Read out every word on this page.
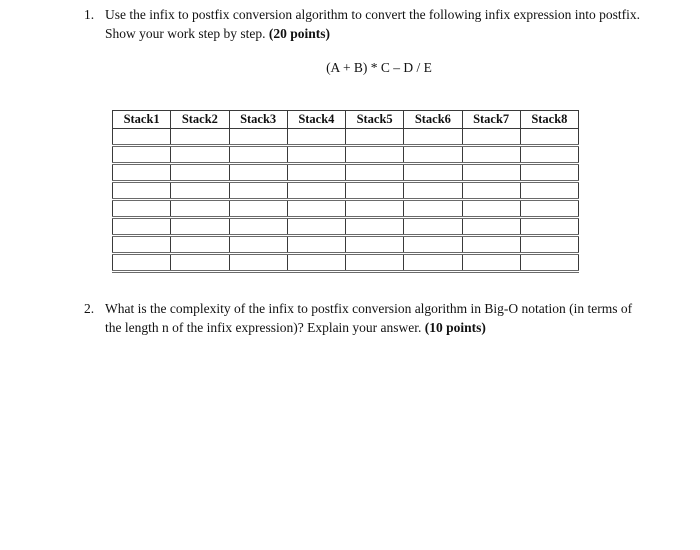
1. Use the infix to postfix conversion algorithm to convert the following infix expression into postfix. Show your work step by step. (20 points)
(A + B) * C – D / E
Stack1	Stack2	Stack3	Stack4	Stack5	Stack6	Stack7	Stack8

2. What is the complexity of the infix to postfix conversion algorithm in Big-O notation (in terms of the length n of the infix expression)? Explain your answer. (10 points)
